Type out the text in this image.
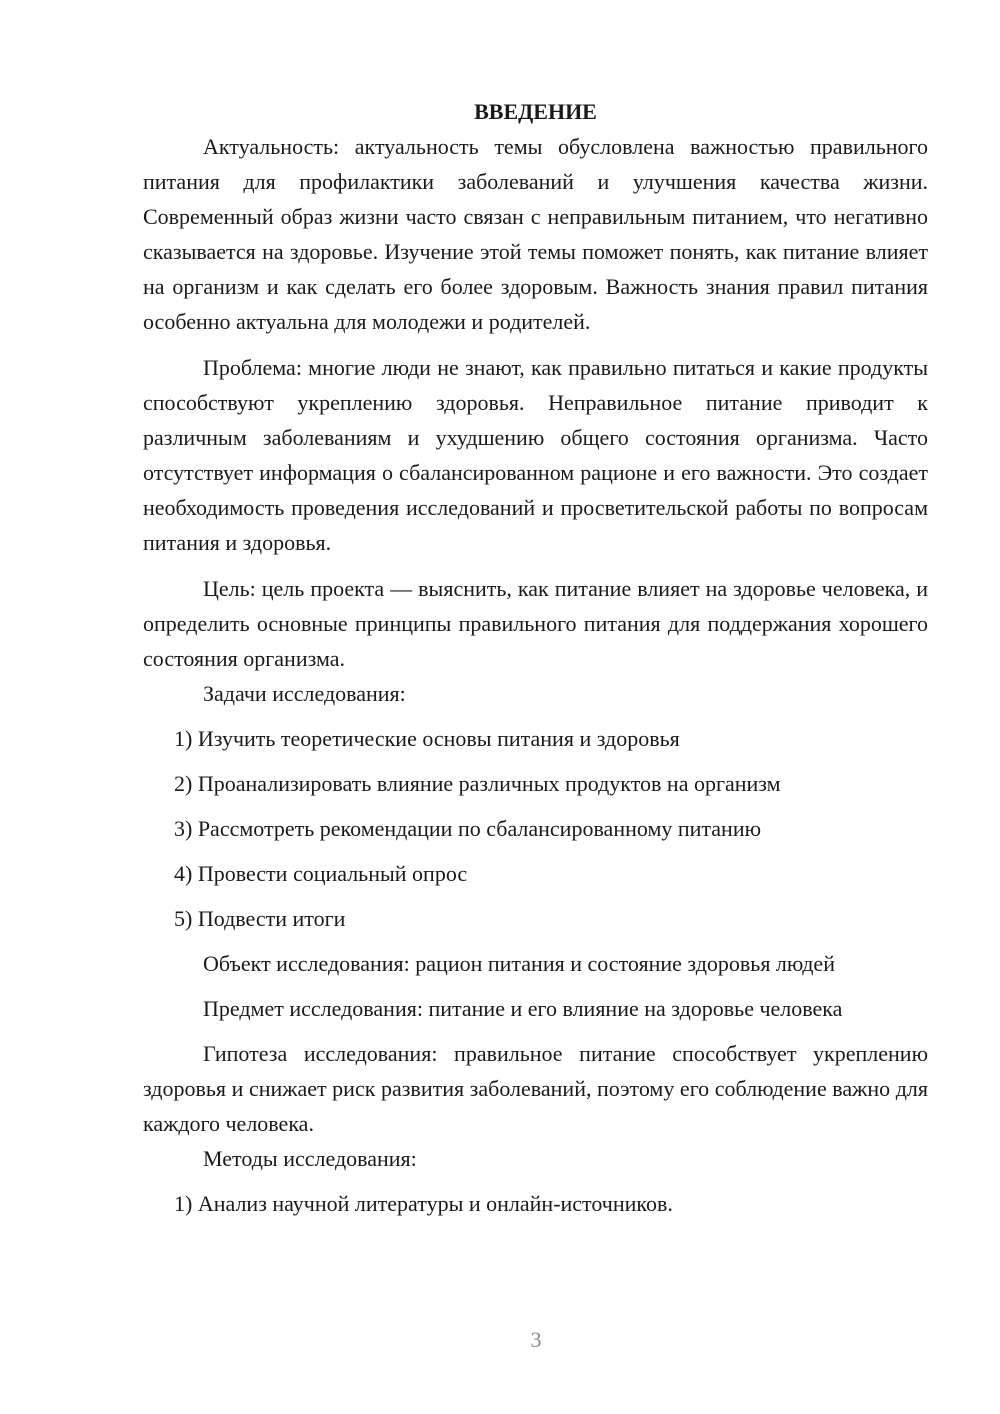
ВВЕДЕНИЕ

Актуальность: актуальность темы обусловлена важностью правильного питания для профилактики заболеваний и улучшения качества жизни. Современный образ жизни часто связан с неправильным питанием, что негативно сказывается на здоровье. Изучение этой темы поможет понять, как питание влияет на организм и как сделать его более здоровым. Важность знания правил питания особенно актуальна для молодежи и родителей.

Проблема: многие люди не знают, как правильно питаться и какие продукты способствуют укреплению здоровья. Неправильное питание приводит к различным заболеваниям и ухудшению общего состояния организма. Часто отсутствует информация о сбалансированном рационе и его важности. Это создает необходимость проведения исследований и просветительской работы по вопросам питания и здоровья.

Цель: цель проекта — выяснить, как питание влияет на здоровье человека, и определить основные принципы правильного питания для поддержания хорошего состояния организма.

Задачи исследования:

1) Изучить теоретические основы питания и здоровья

2) Проанализировать влияние различных продуктов на организм

3) Рассмотреть рекомендации по сбалансированному питанию

4) Провести социальный опрос

5) Подвести итоги

Объект исследования: рацион питания и состояние здоровья людей

Предмет исследования: питание и его влияние на здоровье человека

Гипотеза исследования: правильное питание способствует укреплению здоровья и снижает риск развития заболеваний, поэтому его соблюдение важно для каждого человека.

Методы исследования:

1) Анализ научной литературы и онлайн-источников.

3
